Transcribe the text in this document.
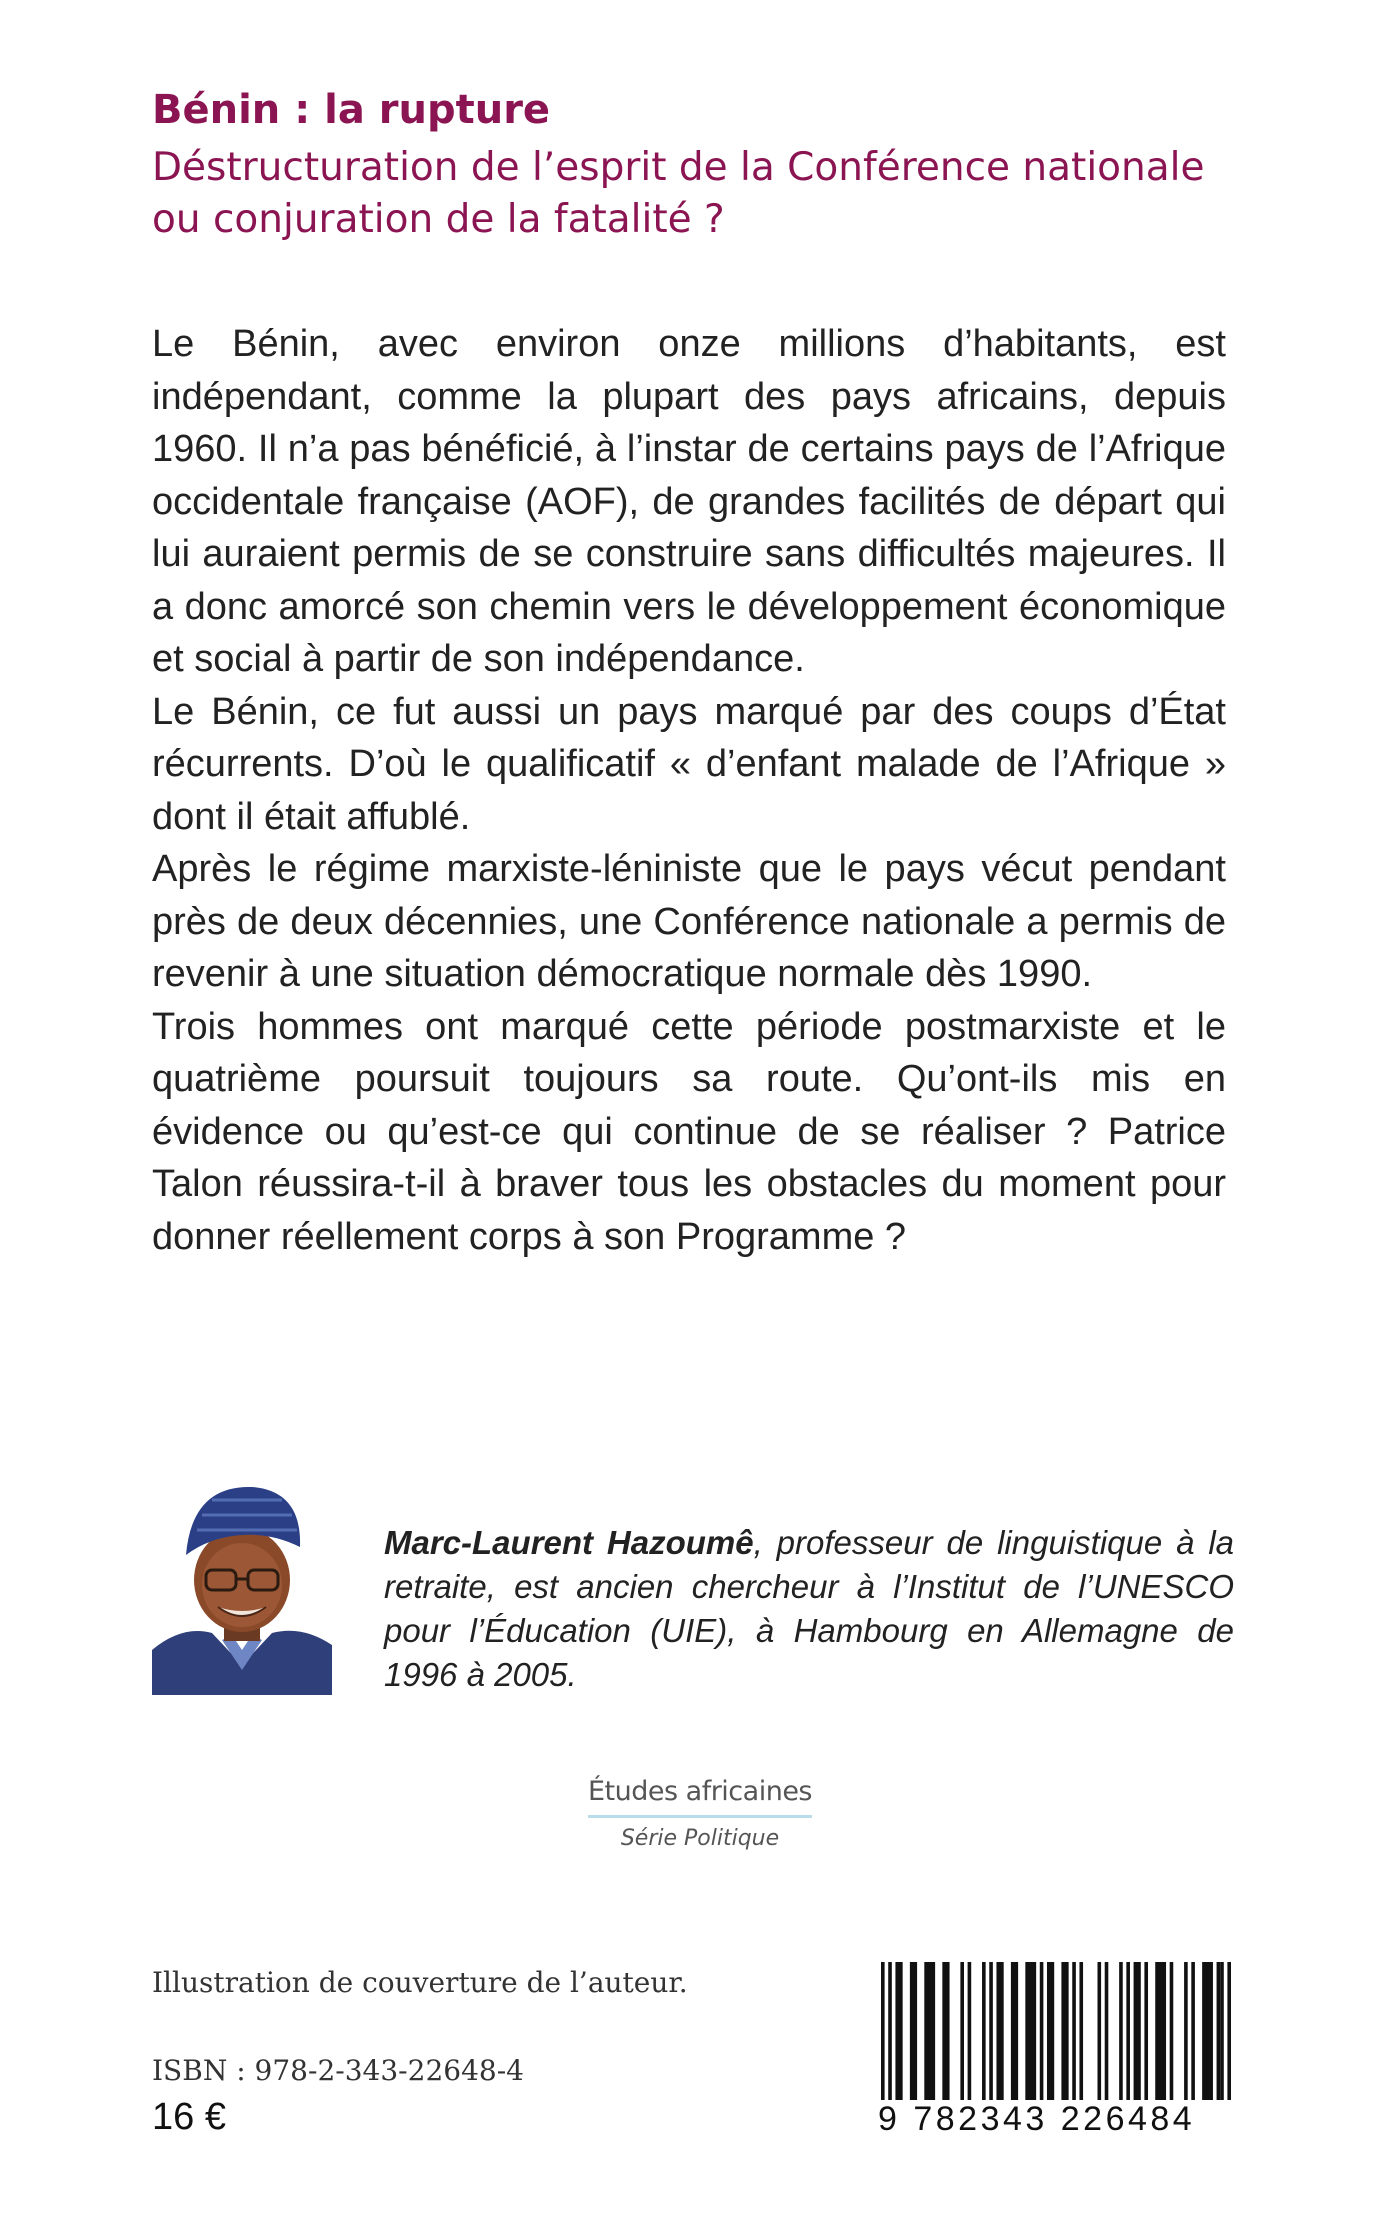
Bénin : la rupture

Déstructuration de l’esprit de la Conférence nationale

ou conjuration de la fatalité ?

Le Bénin, avec environ onze millions d’habitants, est indépendant, comme la plupart des pays africains, depuis 1960. Il n’a pas bénéficié, à l’instar de certains pays de l’Afrique occidentale française (AOF), de grandes facilités de départ qui lui auraient permis de se construire sans difficultés majeures. Il a donc amorcé son chemin vers le développement économique et social à partir de son indépendance.

Le Bénin, ce fut aussi un pays marqué par des coups d’État récurrents. D’où le qualificatif « d’enfant malade de l’Afrique » dont il était affublé.

Après le régime marxiste-léniniste que le pays vécut pendant près de deux décennies, une Conférence nationale a permis de revenir à une situation démocratique normale dès 1990.

Trois hommes ont marqué cette période postmarxiste et le quatrième poursuit toujours sa route. Qu’ont-ils mis en évidence ou qu’est-ce qui continue de se réaliser ? Patrice Talon réussira-t-il à braver tous les obstacles du moment pour donner réellement corps à son Programme ?

Marc-Laurent Hazoumê, professeur de linguistique à la retraite, est ancien chercheur à l’Institut de l’UNESCO pour l’Éducation (UIE), à Hambourg en Allemagne de 1996 à 2005.
Études africaines
Série Politique
Illustration de couverture de l’auteur.
ISBN : 978-2-343-22648-4
16 €	9 782343 226484
